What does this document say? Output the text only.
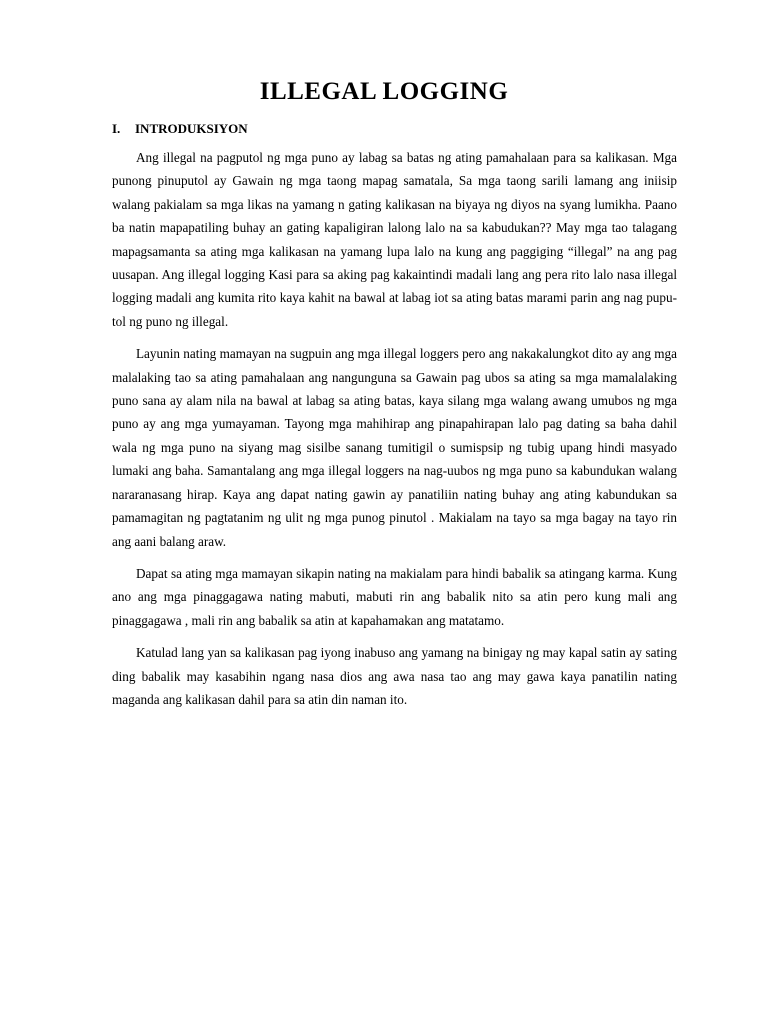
ILLEGAL LOGGING
I. INTRODUKSIYON

Ang illegal na pagputol ng mga puno ay labag sa batas ng ating pamahalaan para sa kalikasan. Mga punong pinuputol ay Gawain ng mga taong mapag samatala, Sa mga taong sarili lamang ang iniisip walang pakialam sa mga likas na yamang n gating kalikasan na biyaya ng diyos na syang lumikha. Paano ba natin mapapatiling buhay an gating kapaligiran lalong lalo na sa kabudukan?? May mga tao talagang mapagsamanta sa ating mga kalikasan na yamang lupa lalo na kung ang paggiging “illegal” na ang pag uusapan. Ang illegal logging Kasi para sa aking pag kakaintindi madali lang ang pera rito lalo nasa illegal logging madali ang kumita rito kaya kahit na bawal at labag iot sa ating batas marami parin ang nag puputol ng puno ng illegal.

Layunin nating mamayan na sugpuin ang mga illegal loggers pero ang nakakalungkot dito ay ang mga malalaking tao sa ating pamahalaan ang nangunguna sa Gawain pag ubos sa ating sa mga mamalalaking puno sana ay alam nila na bawal at labag sa ating batas, kaya silang mga walang awang umubos ng mga puno ay ang mga yumayaman. Tayong mga mahihirap ang pinapahirapan lalo pag dating sa baha dahil wala ng mga puno na siyang mag sisilbe sanang tumitigil o sumispsip ng tubig upang hindi masyado lumaki ang baha. Samantalang ang mga illegal loggers na nag-uubos ng mga puno sa kabundukan walang nararanasang hirap. Kaya ang dapat nating gawin ay panatiliin nating buhay ang ating kabundukan sa pamamagitan ng pagtatanim ng ulit ng mga punog pinutol . Makialam na tayo sa mga bagay na tayo rin ang aani balang araw.

Dapat sa ating mga mamayan sikapin nating na makialam para hindi babalik sa atingang karma. Kung ano ang mga pinaggagawa nating mabuti, mabuti rin ang babalik nito sa atin pero kung mali ang pinaggagawa , mali rin ang babalik sa atin at kapahamakan ang matatamo.

Katulad lang yan sa kalikasan pag iyong inabuso ang yamang na binigay ng may kapal satin ay sating ding babalik may kasabihin ngang nasa dios ang awa nasa tao ang may gawa kaya panatilin nating maganda ang kalikasan dahil para sa atin din naman ito.
